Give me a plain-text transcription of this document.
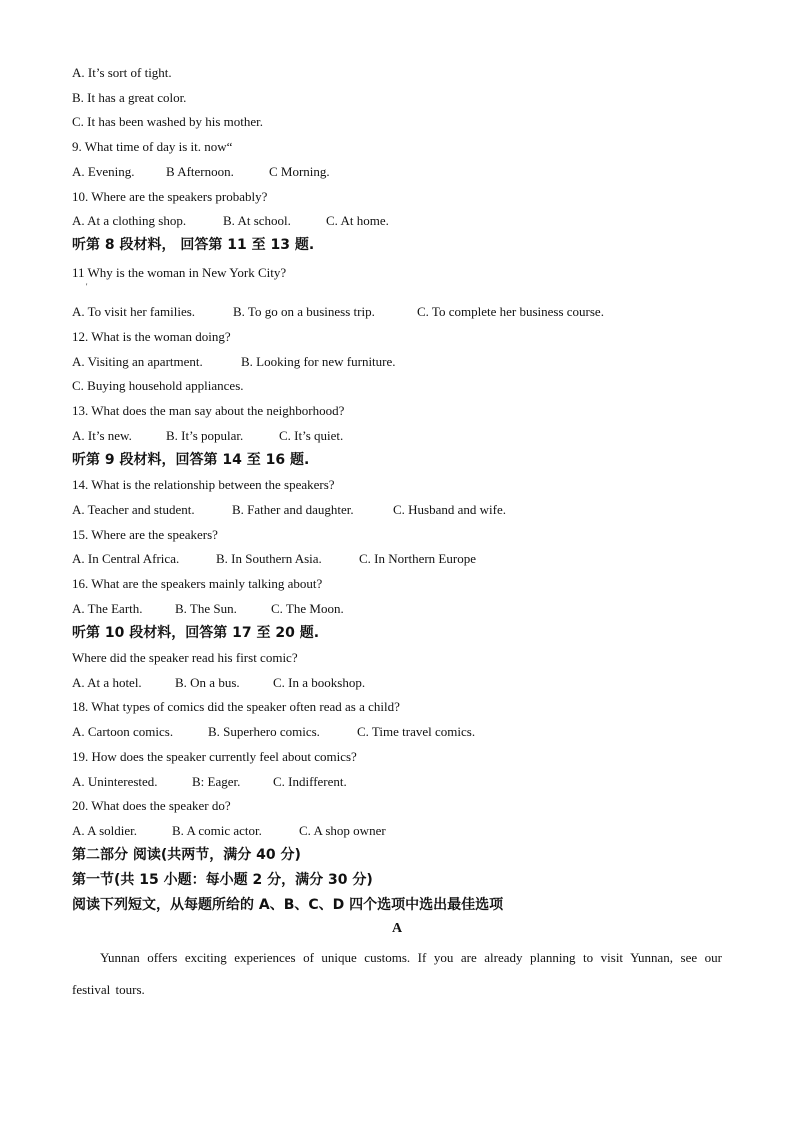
A. It’s sort of tight.
B. It has a great color.
C. It has been washed by his mother.
9. What time of day is it. now“
A. Evening. B Afternoon.	C Morning.
10. Where are the speakers probably?
A. At a clothing shop.	B. At school.	C. At home.
听第 8 段材料， 回答第 11 至 13 题.
11 Why is the woman in New York City?
'
A. To visit her families.	B. To go on a business trip.	C. To complete her business course.
12. What is the woman doing?
A. Visiting an apartment.	B. Looking for new furniture.
C. Buying household appliances.
13. What does the man say about the neighborhood?
A. It’s new.	B. It’s popular.	C. It’s quiet.
听第 9 段材料，回答第 14 至 16 题.
14. What is the relationship between the speakers?
A. Teacher and student.	B. Father and daughter.	C. Husband and wife.
15. Where are the speakers?
A. In Central Africa.	B. In Southern Asia.	C. In Northern Europe
16. What are the speakers mainly talking about?
A. The Earth. B. The Sun.	C. The Moon.
听第 10 段材料，回答第 17 至 20 题.
Where did the speaker read his first comic?
A. At a hotel.	B. On a bus.	C. In a bookshop.
18. What types of comics did the speaker often read as a child?
A. Cartoon comics.	B. Superhero comics.	C. Time travel comics.
19. How does the speaker currently feel about comics?
A. Uninterested.	B: Eager.	C. Indifferent.
20. What does the speaker do?
A. A soldier.	B. A comic actor.	C. A shop owner
第二部分 阅读(共两节，满分 40 分)
第一节(共 15 小题：每小题 2 分，满分 30 分)
阅读下列短文，从每题所给的 A、B、C、D 四个选项中选出最佳选项
A
Yunnan offers exciting experiences of unique customs. If you are already planning to visit Yunnan, see our festival tours.
